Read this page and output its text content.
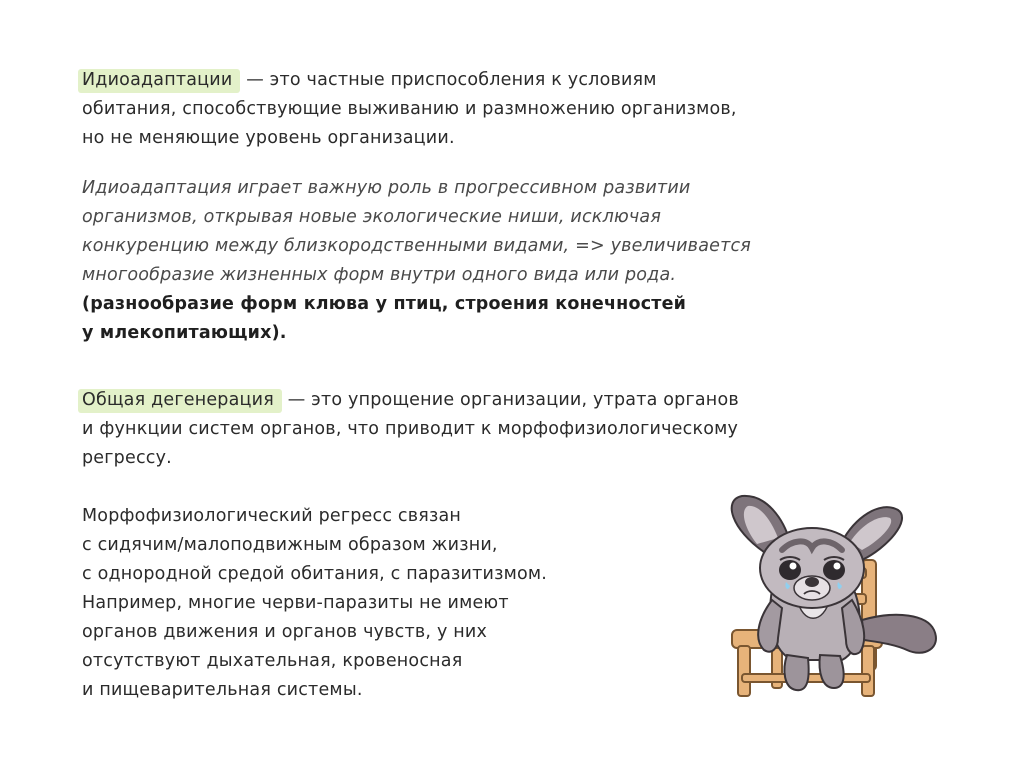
Идиоадаптации — это частные приспособления к условиям
обитания, способствующие выживанию и размножению организмов,
но не меняющие уровень организации.

Идиоадаптация играет важную роль в прогрессивном развитии
организмов, открывая новые экологические ниши, исключая
конкуренцию между близкородственными видами, => увеличивается
многообразие жизненных форм внутри одного вида или рода.

(разнообразие форм клюва у птиц, строения конечностей
у млекопитающих).

Общая дегенерация — это упрощение организации, утрата органов
и функции систем органов, что приводит к морфофизиологическому
регрессу.

Морфофизиологический регресс связан
с сидячим/малоподвижным образом жизни,
с однородной средой обитания, с паразитизмом.
Например, многие черви-паразиты не имеют
органов движения и органов чувств, у них
отсутствуют дыхательная, кровеносная
и пищеварительная системы.
